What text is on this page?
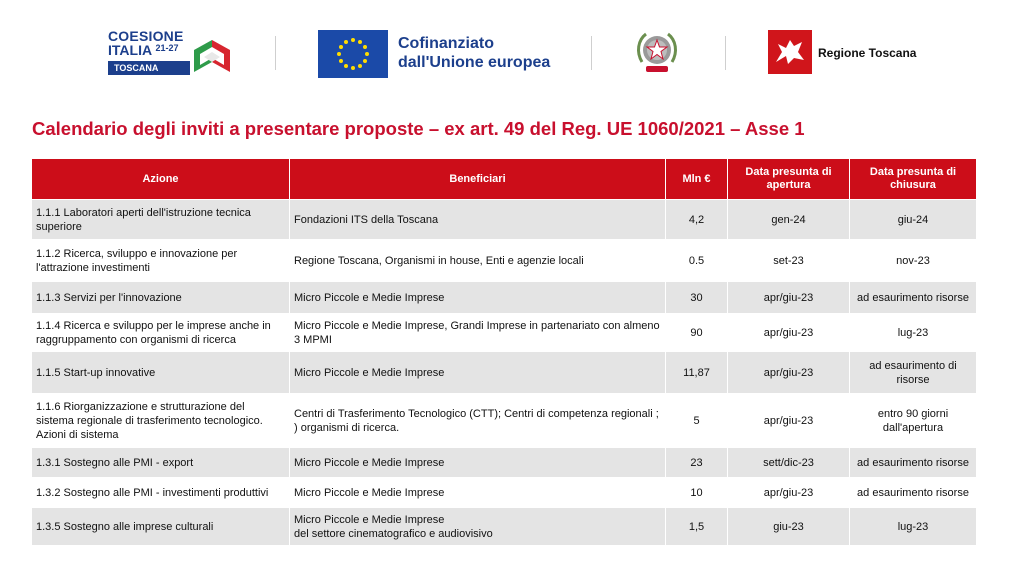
COESIONE
ITALIA $^{21-27}$
TOSCANA
Cofinanziato
dall'Unione europea
Regione Toscana
Calendario degli inviti a presentare proposte – ex art. 49 del Reg. UE 1060/2021 – Asse 1
Azione	Beneficiari	Mln €	Data presunta di apertura	Data presunta di chiusura
1.1.1 Laboratori aperti dell'istruzione tecnica superiore	Fondazioni ITS della Toscana	4,2	gen-24	giu-24
1.1.2 Ricerca, sviluppo e innovazione per l'attrazione investimenti	Regione Toscana, Organismi in house, Enti e agenzie locali	0.5	set-23	nov-23
1.1.3 Servizi per l'innovazione	Micro Piccole e Medie Imprese	30	apr/giu-23	ad esaurimento risorse
1.1.4 Ricerca e sviluppo per le imprese anche in raggruppamento con organismi di ricerca	Micro Piccole e Medie Imprese, Grandi Imprese in partenariato con almeno 3 MPMI	90	apr/giu-23	lug-23
1.1.5 Start-up innovative	Micro Piccole e Medie Imprese	11,87	apr/giu-23	ad esaurimento di risorse
1.1.6 Riorganizzazione e strutturazione del sistema regionale di trasferimento tecnologico. Azioni di sistema	Centri di Trasferimento Tecnologico (CTT); Centri di competenza regionali ; ) organismi di ricerca.	5	apr/giu-23	entro 90 giorni dall'apertura
1.3.1 Sostegno alle PMI - export	Micro Piccole e Medie Imprese	23	sett/dic-23	ad esaurimento risorse
1.3.2 Sostegno alle PMI - investimenti produttivi	Micro Piccole e Medie Imprese	10	apr/giu-23	ad esaurimento risorse
1.3.5 Sostegno alle imprese culturali	Micro Piccole e Medie Imprese
del settore cinematografico e audiovisivo	1,5	giu-23	lug-23
